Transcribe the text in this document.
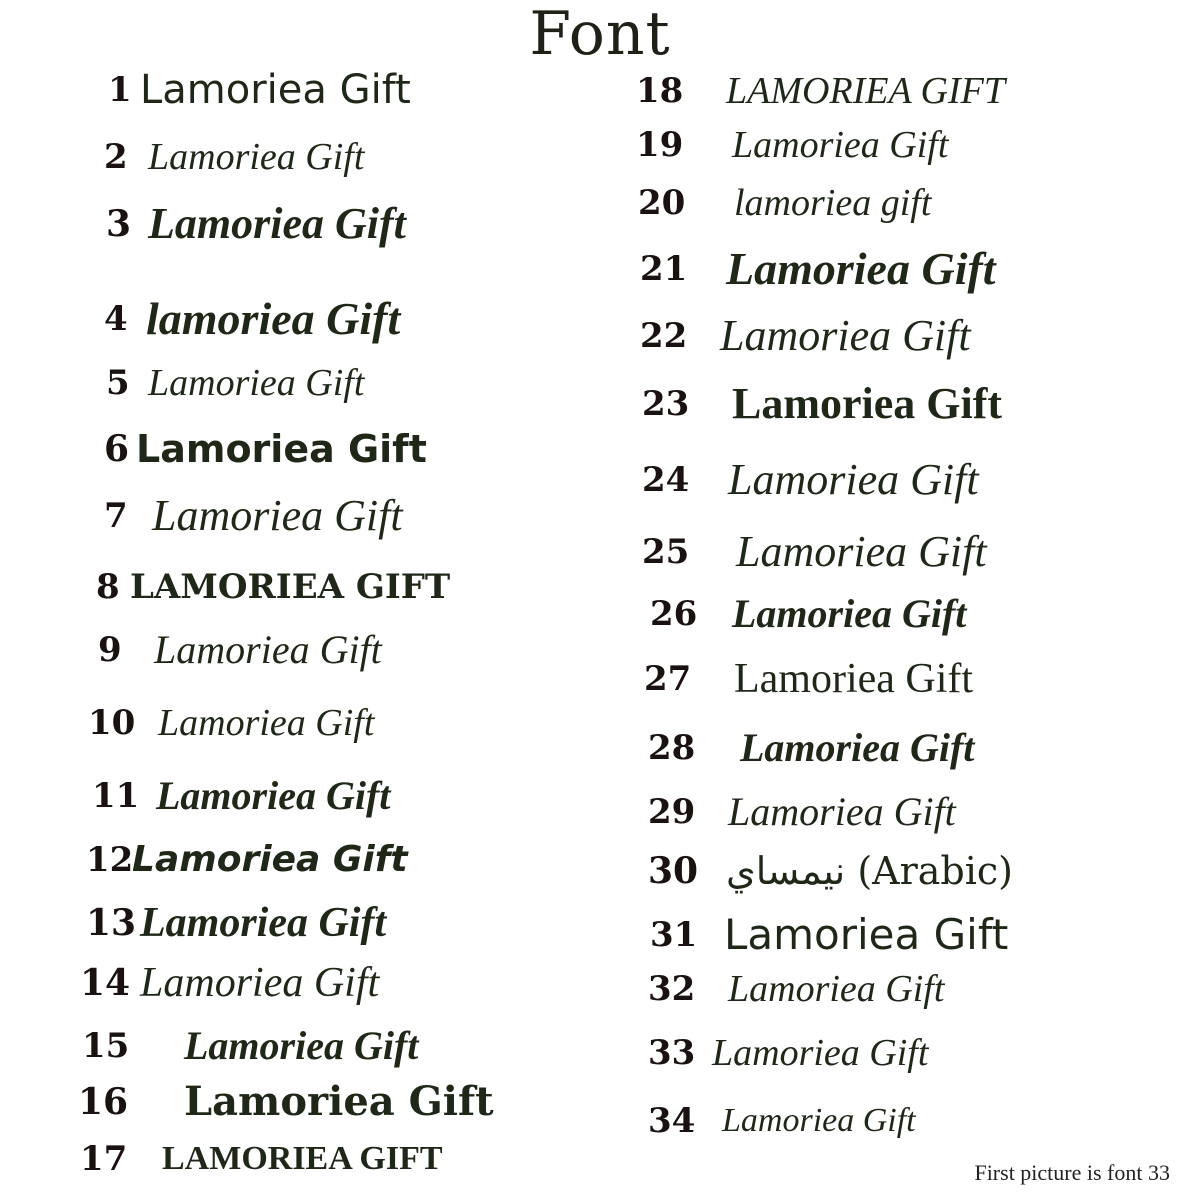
Font
1 Lamoriea Gift
2 Lamoriea Gift
3 Lamoriea Gift
4 lamoriea Gift
5 Lamoriea Gift
6 Lamoriea Gift
7 Lamoriea Gift
8 LAMORIEA GIFT
9 Lamoriea Gift
10 Lamoriea Gift
11 Lamoriea Gift
12
Lamoriea Gift
13 Lamoriea Gift
14 Lamoriea Gift
15 Lamoriea Gift
16 Lamoriea Gift
17 LAMORIEA GIFT
18 LAMORIEA GIFT
19 Lamoriea Gift
20 lamoriea gift
21 Lamoriea Gift
22 Lamoriea Gift
23 Lamoriea Gift
24 Lamoriea Gift
25 Lamoriea Gift
26 Lamoriea Gift
27 Lamoriea Gift
28 Lamoriea Gift
29 Lamoriea Gift
30 نيمساي (Arabic)
31 Lamoriea Gift
32 Lamoriea Gift
33 Lamoriea Gift
34 Lamoriea Gift
First picture is font 33
